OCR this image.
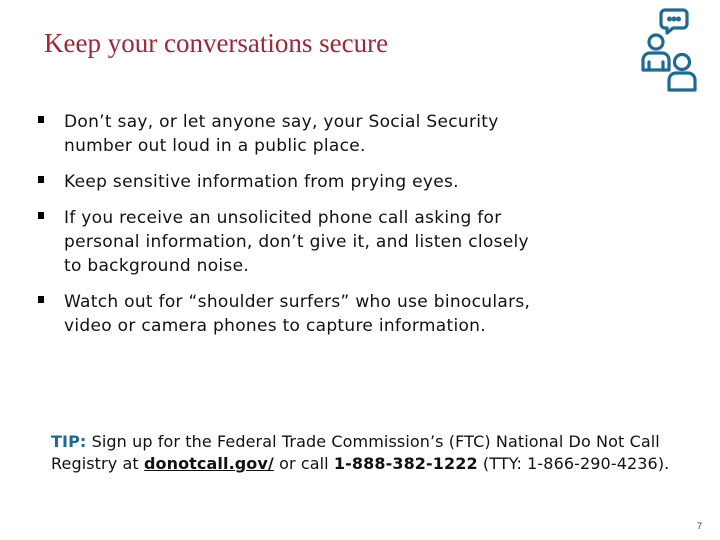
Keep your conversations secure
Don’t say, or let anyone say, your Social Security
number out loud in a public place.
Keep sensitive information from prying eyes.
If you receive an unsolicited phone call asking for
personal information, don’t give it, and listen closely
to background noise.
Watch out for “shoulder surfers” who use binoculars,
video or camera phones to capture information.
TIP: Sign up for the Federal Trade Commission’s (FTC) National Do Not Call Registry at donotcall.gov/ or call 1-888-382-1222 (TTY: 1-866-290-4236).
7
